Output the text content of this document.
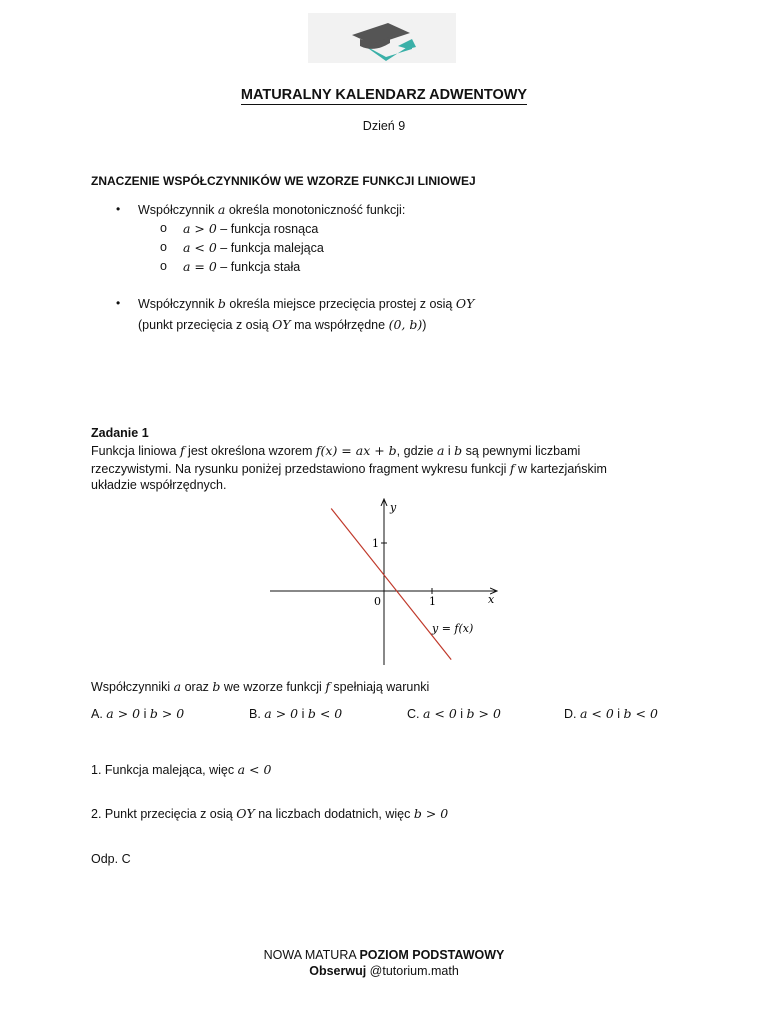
MATURALNY KALENDARZ ADWENTOWY
Dzień 9
ZNACZENIE WSPÓŁCZYNNIKÓW WE WZORZE FUNKCJI LINIOWEJ
• Współczynnik a określa monotoniczność funkcji:
o a > 0 – funkcja rosnąca
o a < 0 – funkcja malejąca
o a = 0 – funkcja stała
• Współczynnik b określa miejsce przecięcia prostej z osią OY
(punkt przecięcia z osią OY ma współrzędne (0, b))
Zadanie 1
Funkcja liniowa f jest określona wzorem f(x) = ax + b, gdzie a i b są pewnymi liczbami
rzeczywistymi. Na rysunku poniżej przedstawiono fragment wykresu funkcji f w kartezjańskim
układzie współrzędnych.
x
y
0	1
1
y = f(x)
Współczynniki a oraz b we wzorze funkcji f spełniają warunki
A. a > 0 i b > 0	B. a > 0 i b < 0	C. a < 0 i b > 0	D. a < 0 i b < 0
1. Funkcja malejąca, więc a < 0
2. Punkt przecięcia z osią OY na liczbach dodatnich, więc b > 0
Odp. C
NOWA MATURA POZIOM PODSTAWOWY
Obserwuj @tutorium.math
